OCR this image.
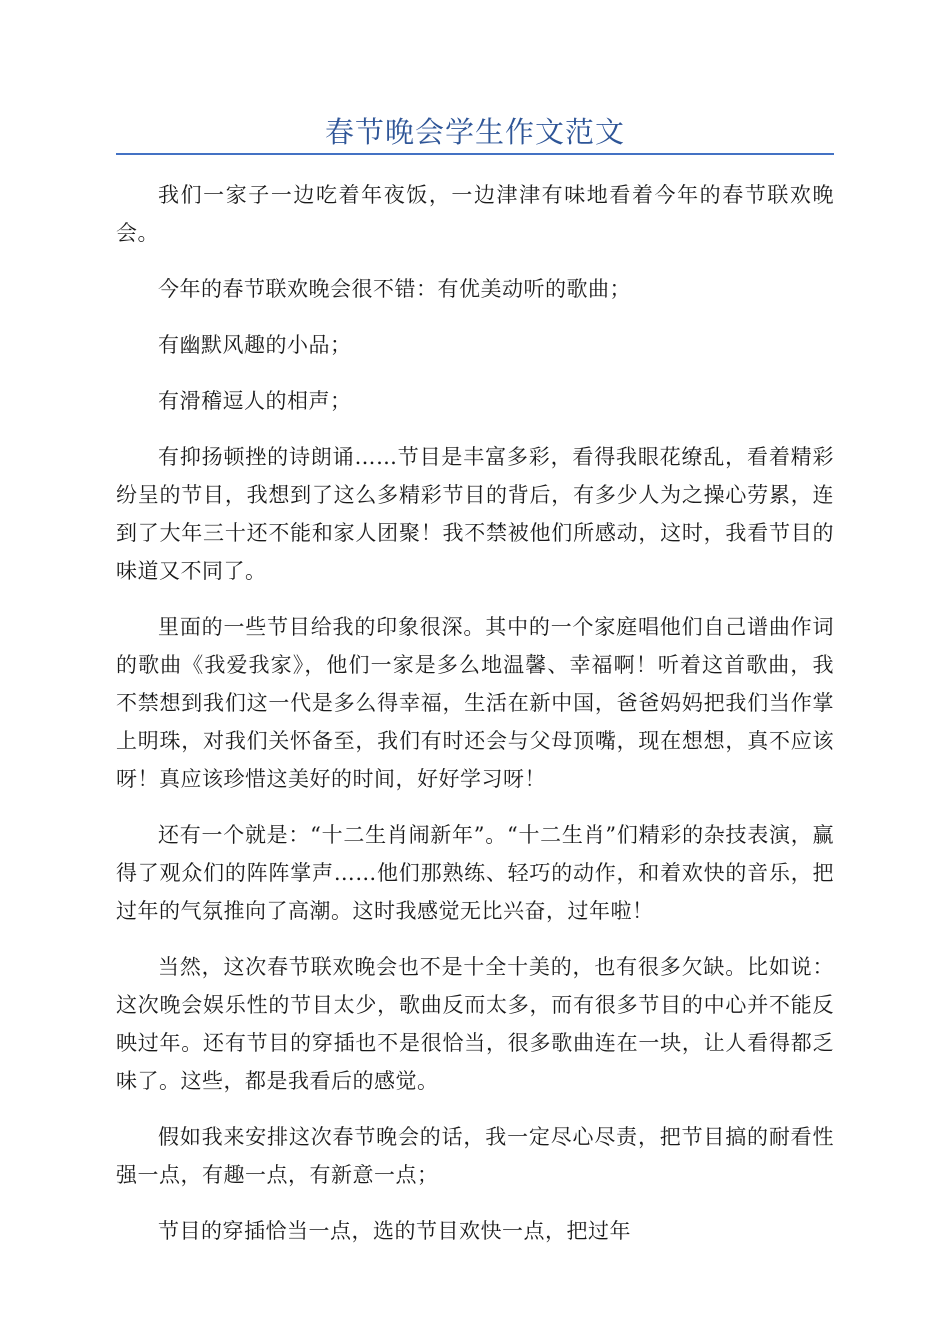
春节晚会学生作文范文

我们一家子一边吃着年夜饭，一边津津有味地看着今年的春节联欢晚会。

今年的春节联欢晚会很不错：有优美动听的歌曲；

有幽默风趣的小品；

有滑稽逗人的相声；

有抑扬顿挫的诗朗诵……节目是丰富多彩，看得我眼花缭乱，看着精彩纷呈的节目，我想到了这么多精彩节目的背后，有多少人为之操心劳累，连到了大年三十还不能和家人团聚！我不禁被他们所感动，这时，我看节目的味道又不同了。

里面的一些节目给我的印象很深。其中的一个家庭唱他们自己谱曲作词的歌曲《我爱我家》，他们一家是多么地温馨、幸福啊！听着这首歌曲，我不禁想到我们这一代是多么得幸福，生活在新中国，爸爸妈妈把我们当作掌上明珠，对我们关怀备至，我们有时还会与父母顶嘴，现在想想，真不应该呀！真应该珍惜这美好的时间，好好学习呀！

还有一个就是：“十二生肖闹新年”。“十二生肖”们精彩的杂技表演，赢得了观众们的阵阵掌声……他们那熟练、轻巧的动作，和着欢快的音乐，把过年的气氛推向了高潮。这时我感觉无比兴奋，过年啦！

当然，这次春节联欢晚会也不是十全十美的，也有很多欠缺。比如说：这次晚会娱乐性的节目太少，歌曲反而太多，而有很多节目的中心并不能反映过年。还有节目的穿插也不是很恰当，很多歌曲连在一块，让人看得都乏味了。这些，都是我看后的感觉。

假如我来安排这次春节晚会的话，我一定尽心尽责，把节目搞的耐看性强一点，有趣一点，有新意一点；

节目的穿插恰当一点，选的节目欢快一点，把过年
